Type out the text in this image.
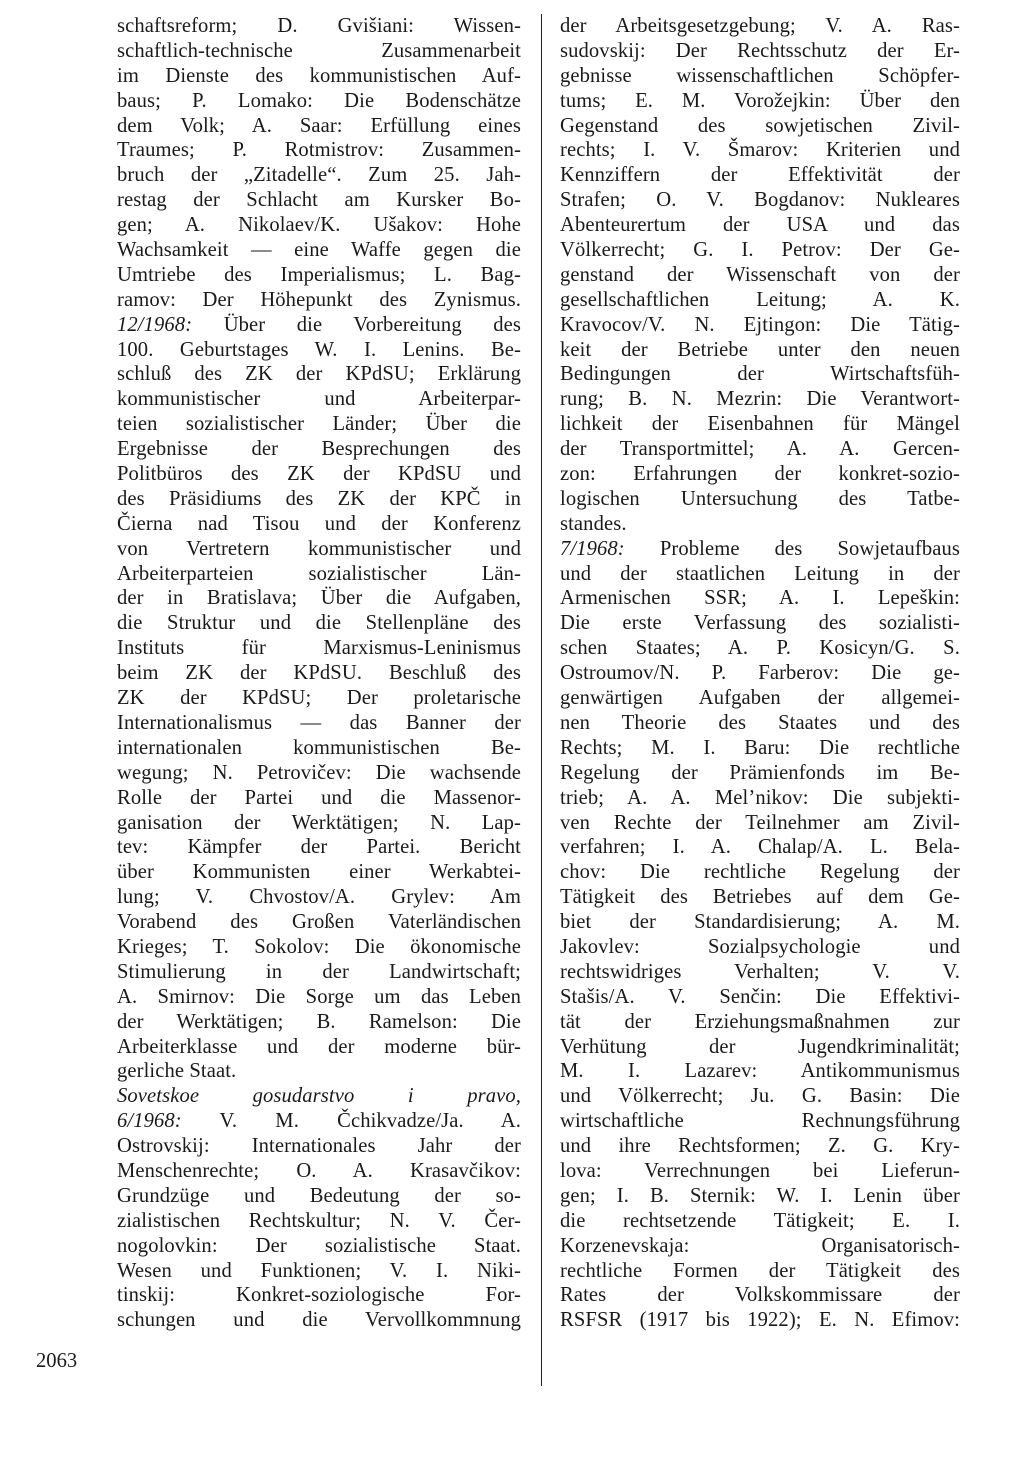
schaftsreform; D. Gvišiani: Wissen-
schaftlich-technische Zusammenarbeit
im Dienste des kommunistischen Auf-
baus; P. Lomako: Die Bodenschätze
dem Volk; A. Saar: Erfüllung eines
Traumes; P. Rotmistrov: Zusammen-
bruch der „Zitadelle“. Zum 25. Jah-
restag der Schlacht am Kursker Bo-
gen; A. Nikolaev/K. Ušakov: Hohe
Wachsamkeit — eine Waffe gegen die
Umtriebe des Imperialismus; L. Bag-
ramov: Der Höhepunkt des Zynismus.
12/1968: Über die Vorbereitung des
100. Geburtstages W. I. Lenins. Be-
schluß des ZK der KPdSU; Erklärung
kommunistischer und Arbeiterpar-
teien sozialistischer Länder; Über die
Ergebnisse der Besprechungen des
Politbüros des ZK der KPdSU und
des Präsidiums des ZK der KPČ in
Čierna nad Tisou und der Konferenz
von Vertretern kommunistischer und
Arbeiterparteien sozialistischer Län-
der in Bratislava; Über die Aufgaben,
die Struktur und die Stellenpläne des
Instituts für Marxismus-Leninismus
beim ZK der KPdSU. Beschluß des
ZK der KPdSU; Der proletarische
Internationalismus — das Banner der
internationalen kommunistischen Be-
wegung; N. Petrovičev: Die wachsende
Rolle der Partei und die Massenor-
ganisation der Werktätigen; N. Lap-
tev: Kämpfer der Partei. Bericht
über Kommunisten einer Werkabtei-
lung; V. Chvostov/A. Grylev: Am
Vorabend des Großen Vaterländischen
Krieges; T. Sokolov: Die ökonomische
Stimulierung in der Landwirtschaft;
A. Smirnov: Die Sorge um das Leben
der Werktätigen; B. Ramelson: Die
Arbeiterklasse und der moderne bür-
gerliche Staat.
Sovetskoe gosudarstvo i pravo,
6/1968: V. M. Čchikvadze/Ja. A.
Ostrovskij: Internationales Jahr der
Menschenrechte; O. A. Krasavčikov:
Grundzüge und Bedeutung der so-
zialistischen Rechtskultur; N. V. Čer-
nogolovkin: Der sozialistische Staat.
Wesen und Funktionen; V. I. Niki-
tinskij: Konkret-soziologische For-
schungen und die Vervollkommnung
der Arbeitsgesetzgebung; V. A. Ras-
sudovskij: Der Rechtsschutz der Er-
gebnisse wissenschaftlichen Schöpfer-
tums; E. M. Vorožejkin: Über den
Gegenstand des sowjetischen Zivil-
rechts; I. V. Šmarov: Kriterien und
Kennziffern der Effektivität der
Strafen; O. V. Bogdanov: Nukleares
Abenteurertum der USA und das
Völkerrecht; G. I. Petrov: Der Ge-
genstand der Wissenschaft von der
gesellschaftlichen Leitung; A. K.
Kravocov/V. N. Ejtingon: Die Tätig-
keit der Betriebe unter den neuen
Bedingungen der Wirtschaftsfüh-
rung; B. N. Mezrin: Die Verantwort-
lichkeit der Eisenbahnen für Mängel
der Transportmittel; A. A. Gercen-
zon: Erfahrungen der konkret-sozio-
logischen Untersuchung des Tatbe-
standes.
7/1968: Probleme des Sowjetaufbaus
und der staatlichen Leitung in der
Armenischen SSR; A. I. Lepeškin:
Die erste Verfassung des sozialisti-
schen Staates; A. P. Kosicyn/G. S.
Ostroumov/N. P. Farberov: Die ge-
genwärtigen Aufgaben der allgemei-
nen Theorie des Staates und des
Rechts; M. I. Baru: Die rechtliche
Regelung der Prämienfonds im Be-
trieb; A. A. Mel’nikov: Die subjekti-
ven Rechte der Teilnehmer am Zivil-
verfahren; I. A. Chalap/A. L. Bela-
chov: Die rechtliche Regelung der
Tätigkeit des Betriebes auf dem Ge-
biet der Standardisierung; A. M.
Jakovlev: Sozialpsychologie und
rechtswidriges Verhalten; V. V.
Stašis/A. V. Senčin: Die Effektivi-
tät der Erziehungsmaßnahmen zur
Verhütung der Jugendkriminalität;
M. I. Lazarev: Antikommunismus
und Völkerrecht; Ju. G. Basin: Die
wirtschaftliche Rechnungsführung
und ihre Rechtsformen; Z. G. Kry-
lova: Verrechnungen bei Lieferun-
gen; I. B. Sternik: W. I. Lenin über
die rechtsetzende Tätigkeit; E. I.
Korzenevskaja: Organisatorisch-
rechtliche Formen der Tätigkeit des
Rates der Volkskommissare der
RSFSR (1917 bis 1922); E. N. Efimov:
2063
